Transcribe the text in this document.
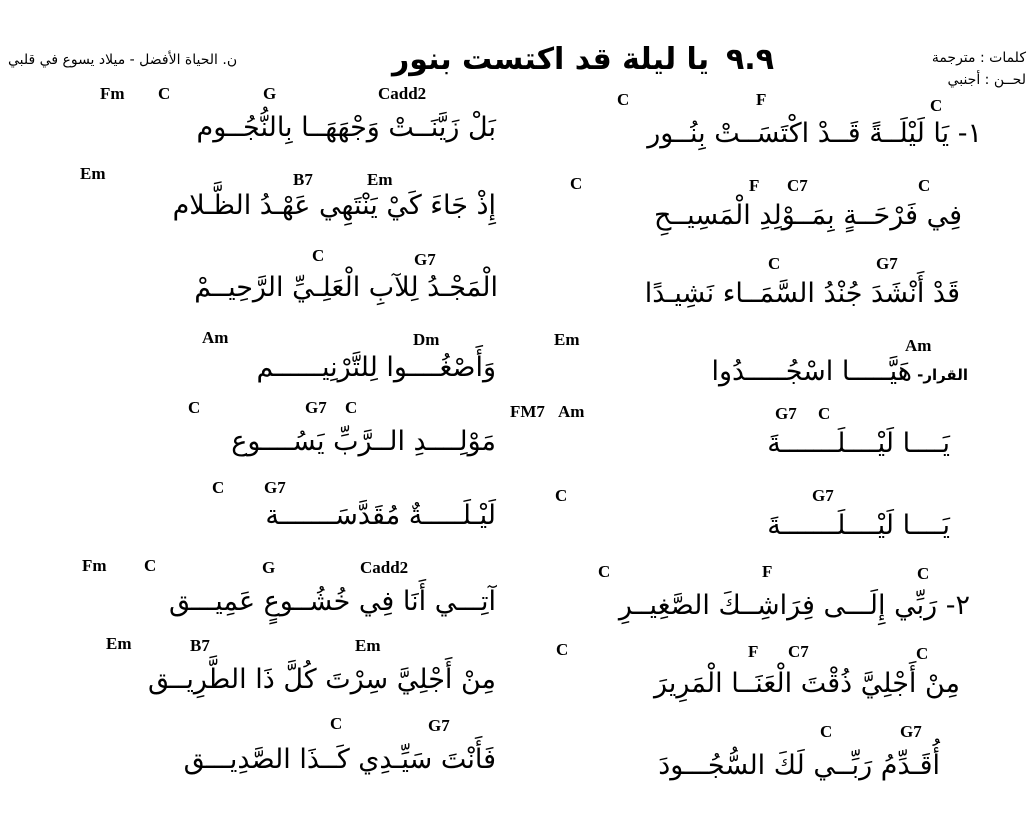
كلمات : مترجمة
لحــن : أجنبي
٩.٩
يا ليلة قد اكتست بنور
ن. الحياة الأفضل - ميلاد يسوع في قلبي
Fm C	G	Cadd2	C	F	C
بَلْ زَيَّنَــتْ وَجْهَهَــا بِالنُّجُــوم	١- يَا لَيْلَــةً قَــدْ اكْتَسَــتْ بِنُــور
Em	B7	Em	C	F C7	C
إِذْ جَاءَ كَيْ يَنْتَهِي عَهْـدُ الظَّـلام	فِي فَرْحَــةٍ بِمَــوْلِدِ الْمَسِيــحِ
C	G7	C	G7
الْمَجْـدُ لِلآبِ الْعَلِـيِّ الرَّحِيــمْ	قَدْ أَنْشَدَ جُنْدُ السَّمَــاء نَشِيـدًا
Am	Dm	Em	Am
وَأَصْغُــــوا لِلتَّرْنِيــــــم	القرار-
هَيَّـــــا اسْجُـــــدُوا
C	G7 C	FM7 Am	G7 C
مَوْلِــــدِ الــرَّبِّ يَسُــــوع	يَــــا لَيْــــلَـــــــةَ
C G7	C	G7
لَيْـلَـــــةٌ مُقَدَّسَـــــــة	يَــــا لَيْــــلَـــــــةَ
Fm C	G	Cadd2	C	F	C
آتِـــي أَنَا فِي خُشُــوعٍ عَمِيـــق	٢- رَبِّي إِلَـــى فِرَاشِــكَ الصَّغِيــرِ
Em	B7	Em	C	F C7	C
مِنْ أَجْلِيَّ سِرْتَ كُلَّ ذَا الطَّرِيــق	مِنْ أَجْلِيَّ ذُقْتَ الْعَنَــا الْمَرِيرَ
C	G7	C	G7
فَأَنْتَ سَيِّـدِي كَــذَا الصَّدِيـــق	أُقَـدِّمُ رَبِّــي لَكَ السُّجُـــودَ
